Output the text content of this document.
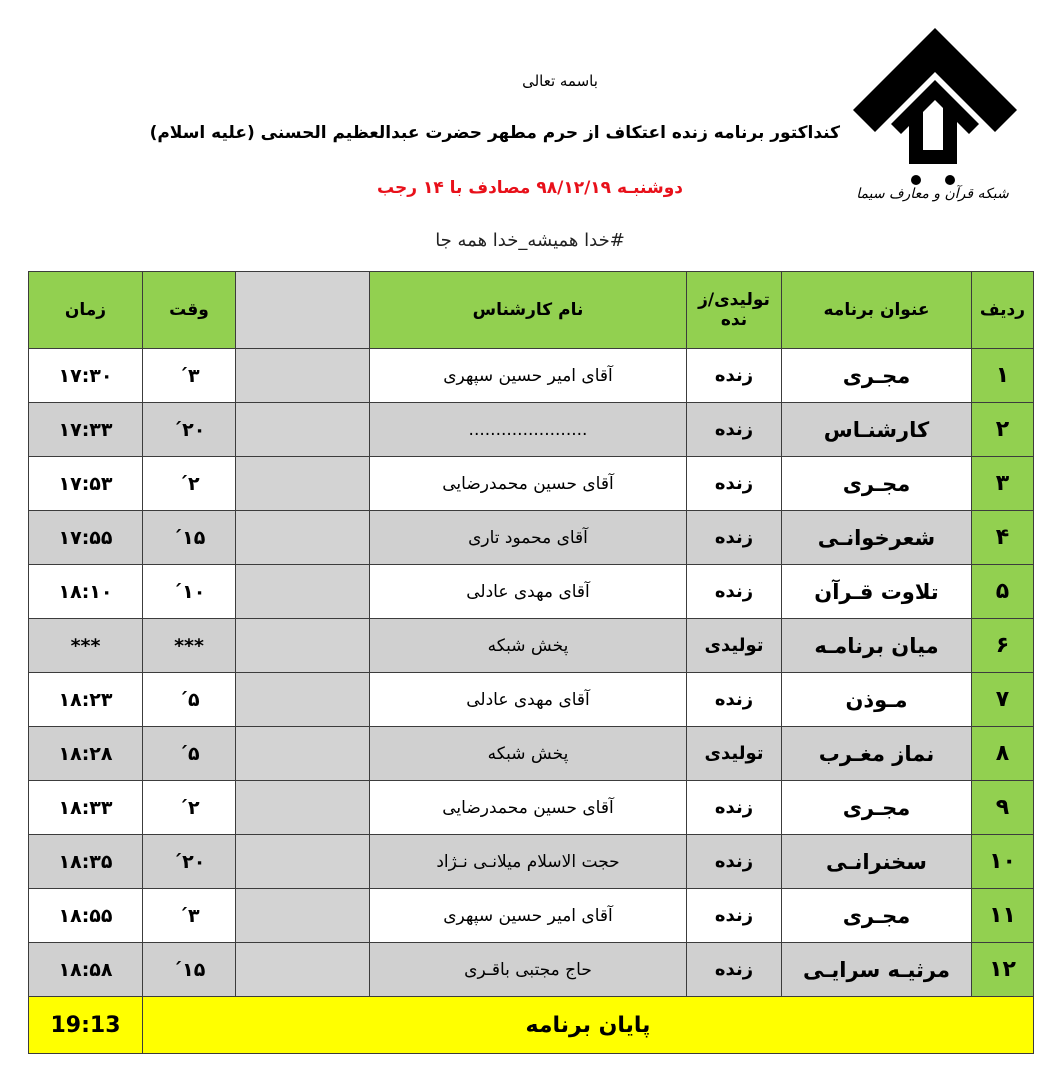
باسمه تعالی
کنداکتور برنامه زنده اعتکاف از حرم مطهر حضرت عبدالعظیم الحسنی (علیه اسلام)
دوشنبـه ۹۸/۱۲/۱۹ مصادف با ۱۴ رجب
#خدا همیشه_خدا همه جا
شبکه قرآن و معارف سیما
ردیف	عنوان برنامه	تولیدی/ز نده	نام کارشناس		وقت	زمان
۱	مجـری	زنده	آقای امیر حسین سپهری		۳´	۱۷:۳۰
۲	کارشنـاس	زنده	......................		۲۰´	۱۷:۳۳
۳	مجـری	زنده	آقای حسین محمدرضایی		۲´	۱۷:۵۳
۴	شعرخوانـی	زنده	آقای محمود تاری		۱۵´	۱۷:۵۵
۵	تلاوت قـرآن	زنده	آقای مهدی عادلی		۱۰´	۱۸:۱۰
۶	میان برنامـه	تولیدی	پخش شبکه		***	***
۷	مـوذن	زنده	آقای مهدی عادلی		۵´	۱۸:۲۳
۸	نماز مغـرب	تولیدی	پخش شبکه		۵´	۱۸:۲۸
۹	مجـری	زنده	آقای حسین محمدرضایی		۲´	۱۸:۳۳
۱۰	سخنرانـی	زنده	حجت الاسلام میلانـی نـژاد		۲۰´	۱۸:۳۵
۱۱	مجـری	زنده	آقای امیر حسین سپهری		۳´	۱۸:۵۵
۱۲	مرثیـه سرایـی	زنده	حاج مجتبی باقـری		۱۵´	۱۸:۵۸
پایان برنامه						19:13
